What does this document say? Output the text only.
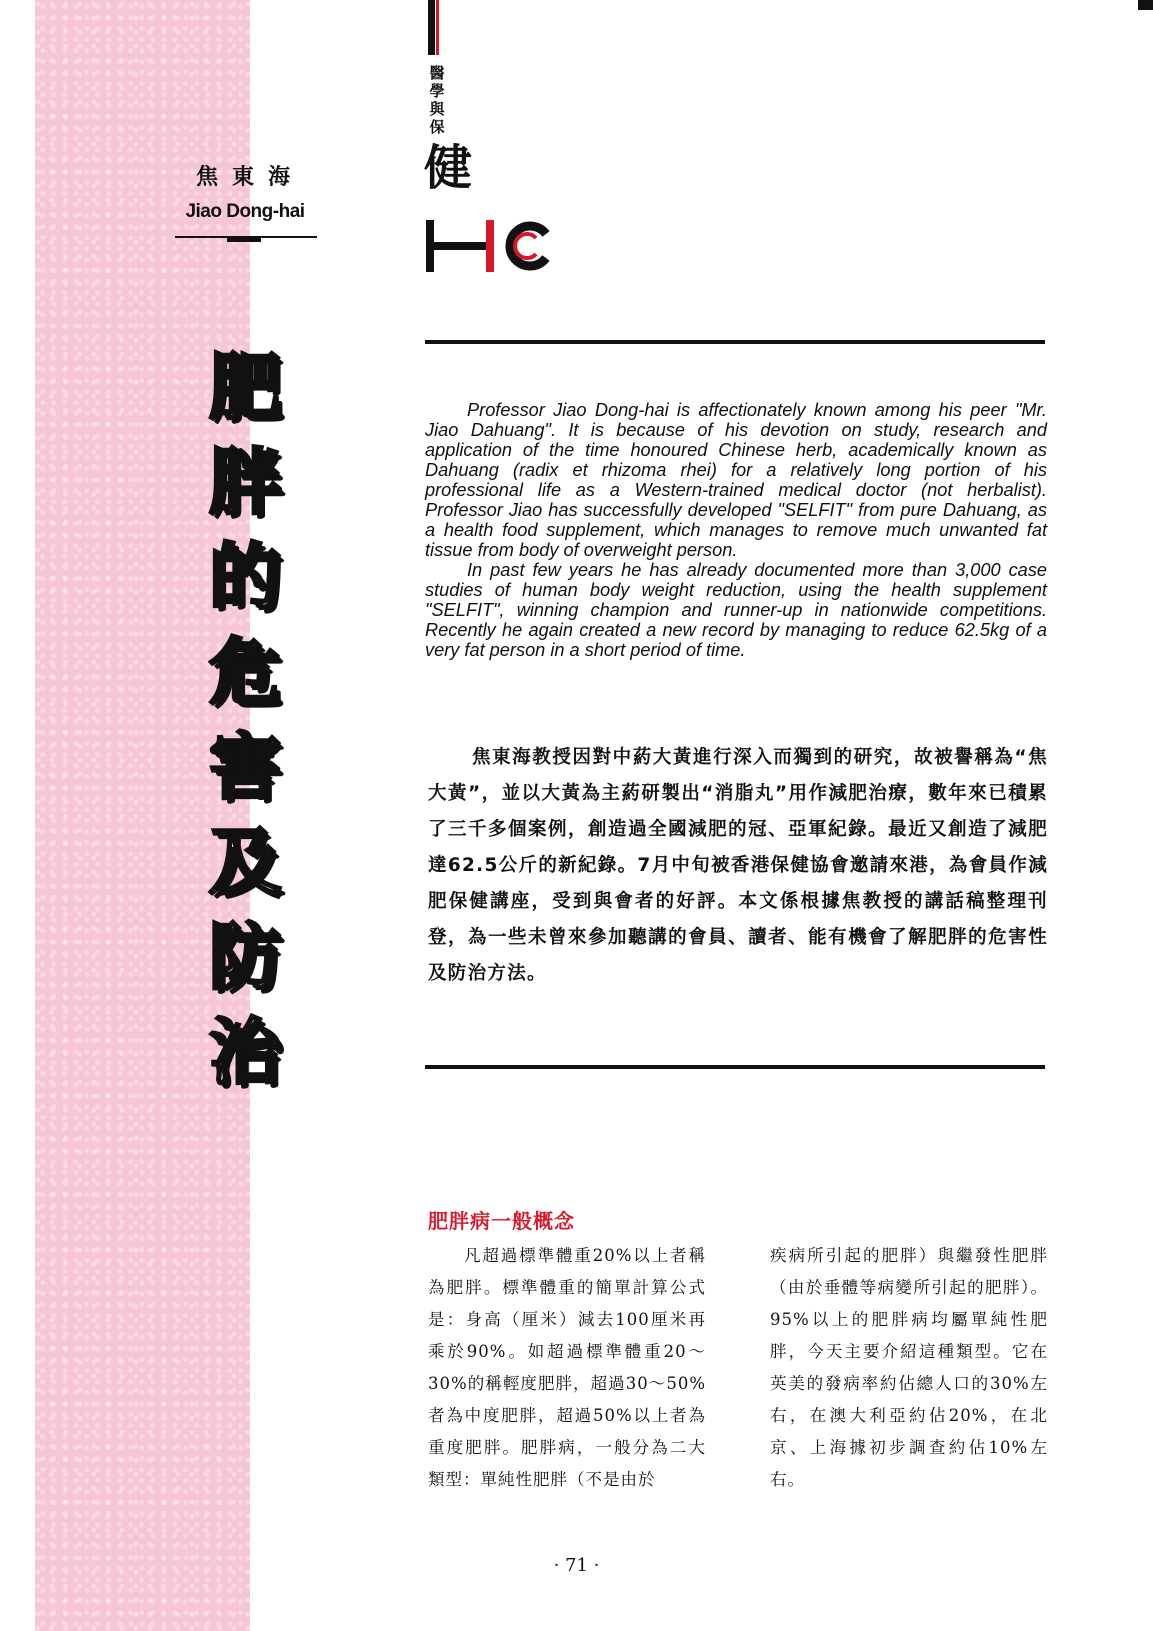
焦東海
Jiao Dong-hai
肥
胖
的
危
害
及
防
治
醫學與保
健

Professor Jiao Dong-hai is affectionately known among his peer "Mr. Jiao Dahuang". It is because of his devotion on study, research and application of the time honoured Chinese herb, academically known as Dahuang (radix et rhizoma rhei) for a relatively long portion of his professional life as a Western-trained medical doctor (not herbalist). Professor Jiao has successfully developed "SELFIT" from pure Dahuang, as a health food supplement, which manages to remove much unwanted fat tissue from body of overweight person.

In past few years he has already documented more than 3,000 case studies of human body weight reduction, using the health supplement "SELFIT", winning champion and runner-up in nationwide competitions. Recently he again created a new record by managing to reduce 62.5kg of a very fat person in a short period of time.

焦東海教授因對中葯大黃進行深入而獨到的研究，故被譽稱為“焦大黃”，並以大黃為主葯研製出“消脂丸”用作減肥治療，數年來已積累了三千多個案例，創造過全國減肥的冠、亞軍紀錄。最近又創造了減肥達62.5公斤的新紀錄。7月中旬被香港保健協會邀請來港，為會員作減肥保健講座，受到與會者的好評。本文係根據焦教授的講話稿整理刊登，為一些未曾來參加聽講的會員、讀者、能有機會了解肥胖的危害性及防治方法。

肥胖病一般概念

凡超過標準體重20%以上者稱為肥胖。標準體重的簡單計算公式是：身高（厘米）減去100厘米再乘於90%。如超過標準體重20～30%的稱輕度肥胖，超過30～50%者為中度肥胖，超過50%以上者為重度肥胖。肥胖病，一般分為二大類型：單純性肥胖（不是由於

疾病所引起的肥胖）與繼發性肥胖（由於垂體等病變所引起的肥胖）。95%以上的肥胖病均屬單純性肥胖，今天主要介紹這種類型。它在英美的發病率約佔總人口的30%左右，在澳大利亞約佔20%，在北京、上海據初步調查約佔10%左右。

· 71 ·
